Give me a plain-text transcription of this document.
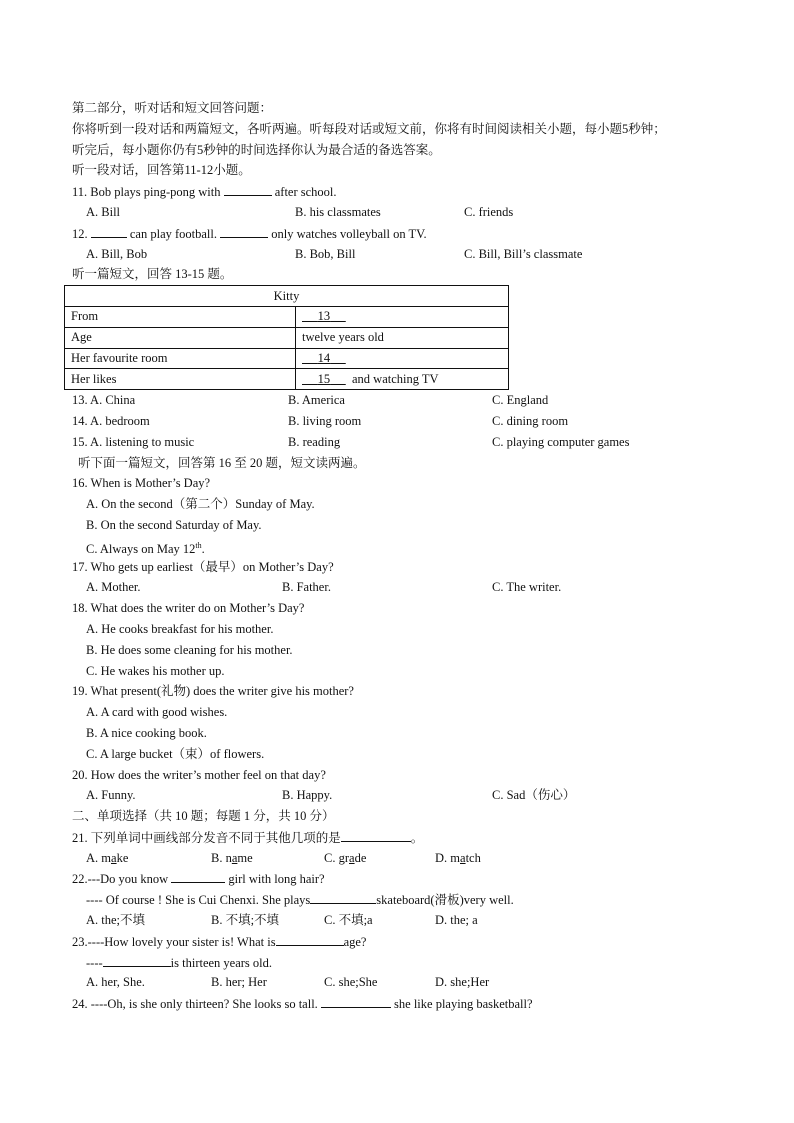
第二部分，听对话和短文回答问题：
你将听到一段对话和两篇短文，各听两遍。听每段对话或短文前，你将有时间阅读相关小题，每小题5秒钟；
听完后，每小题你仍有5秒钟的时间选择你认为最合适的备选答案。
听一段对话，回答第11-12小题。
11. Bob plays ping-pong with	after school.
A. Bill	B. his classmates	C. friends
12.	can play football.	only watches volleyball on TV.
A. Bill, Bob	B. Bob, Bill	C. Bill, Bill’s classmate
听一篇短文，回答 13-15 题。
Kitty	
From	13
Age	twelve years old
Her favourite room	14
Her likes	15 and watching TV
13. A. China	B. America	C. England
14. A. bedroom	B. living room	C. dining room
15. A. listening to music	B. reading	C. playing computer games
听下面一篇短文，回答第 16 至 20 题，短文读两遍。
16. When is Mother’s Day?
A. On the second（第二个）Sunday of May.
B. On the second Saturday of May.
C. Always on May 12th.
17. Who gets up earliest（最早）on Mother’s Day?
A. Mother.	B. Father.	C. The writer.
18. What does the writer do on Mother’s Day?
A. He cooks breakfast for his mother.
B. He does some cleaning for his mother.
C. He wakes his mother up.
19. What present(礼物) does the writer give his mother?
A. A card with good wishes.
B. A nice cooking book.
C. A large bucket（束）of flowers.
20. How does the writer’s mother feel on that day?
A. Funny.	B. Happy.	C. Sad（伤心）
二、单项选择（共 10 题；每题 1 分，共 10 分）
21. 下列单词中画线部分发音不同于其他几项的是	。
A. make	B. name	C. grade	D. match
22.---Do you know	girl with long hair?
---- Of course ! She is Cui Chenxi. She plays	skateboard(滑板)very well.
A. the;不填	B. 不填;不填	C. 不填;a	D. the; a
23.----How lovely your sister is! What is	age?
----	is thirteen years old.
A. her, She.	B. her; Her	C. she;She	D. she;Her
24. ----Oh, is she only thirteen? She looks so tall.	she like playing basketball?
